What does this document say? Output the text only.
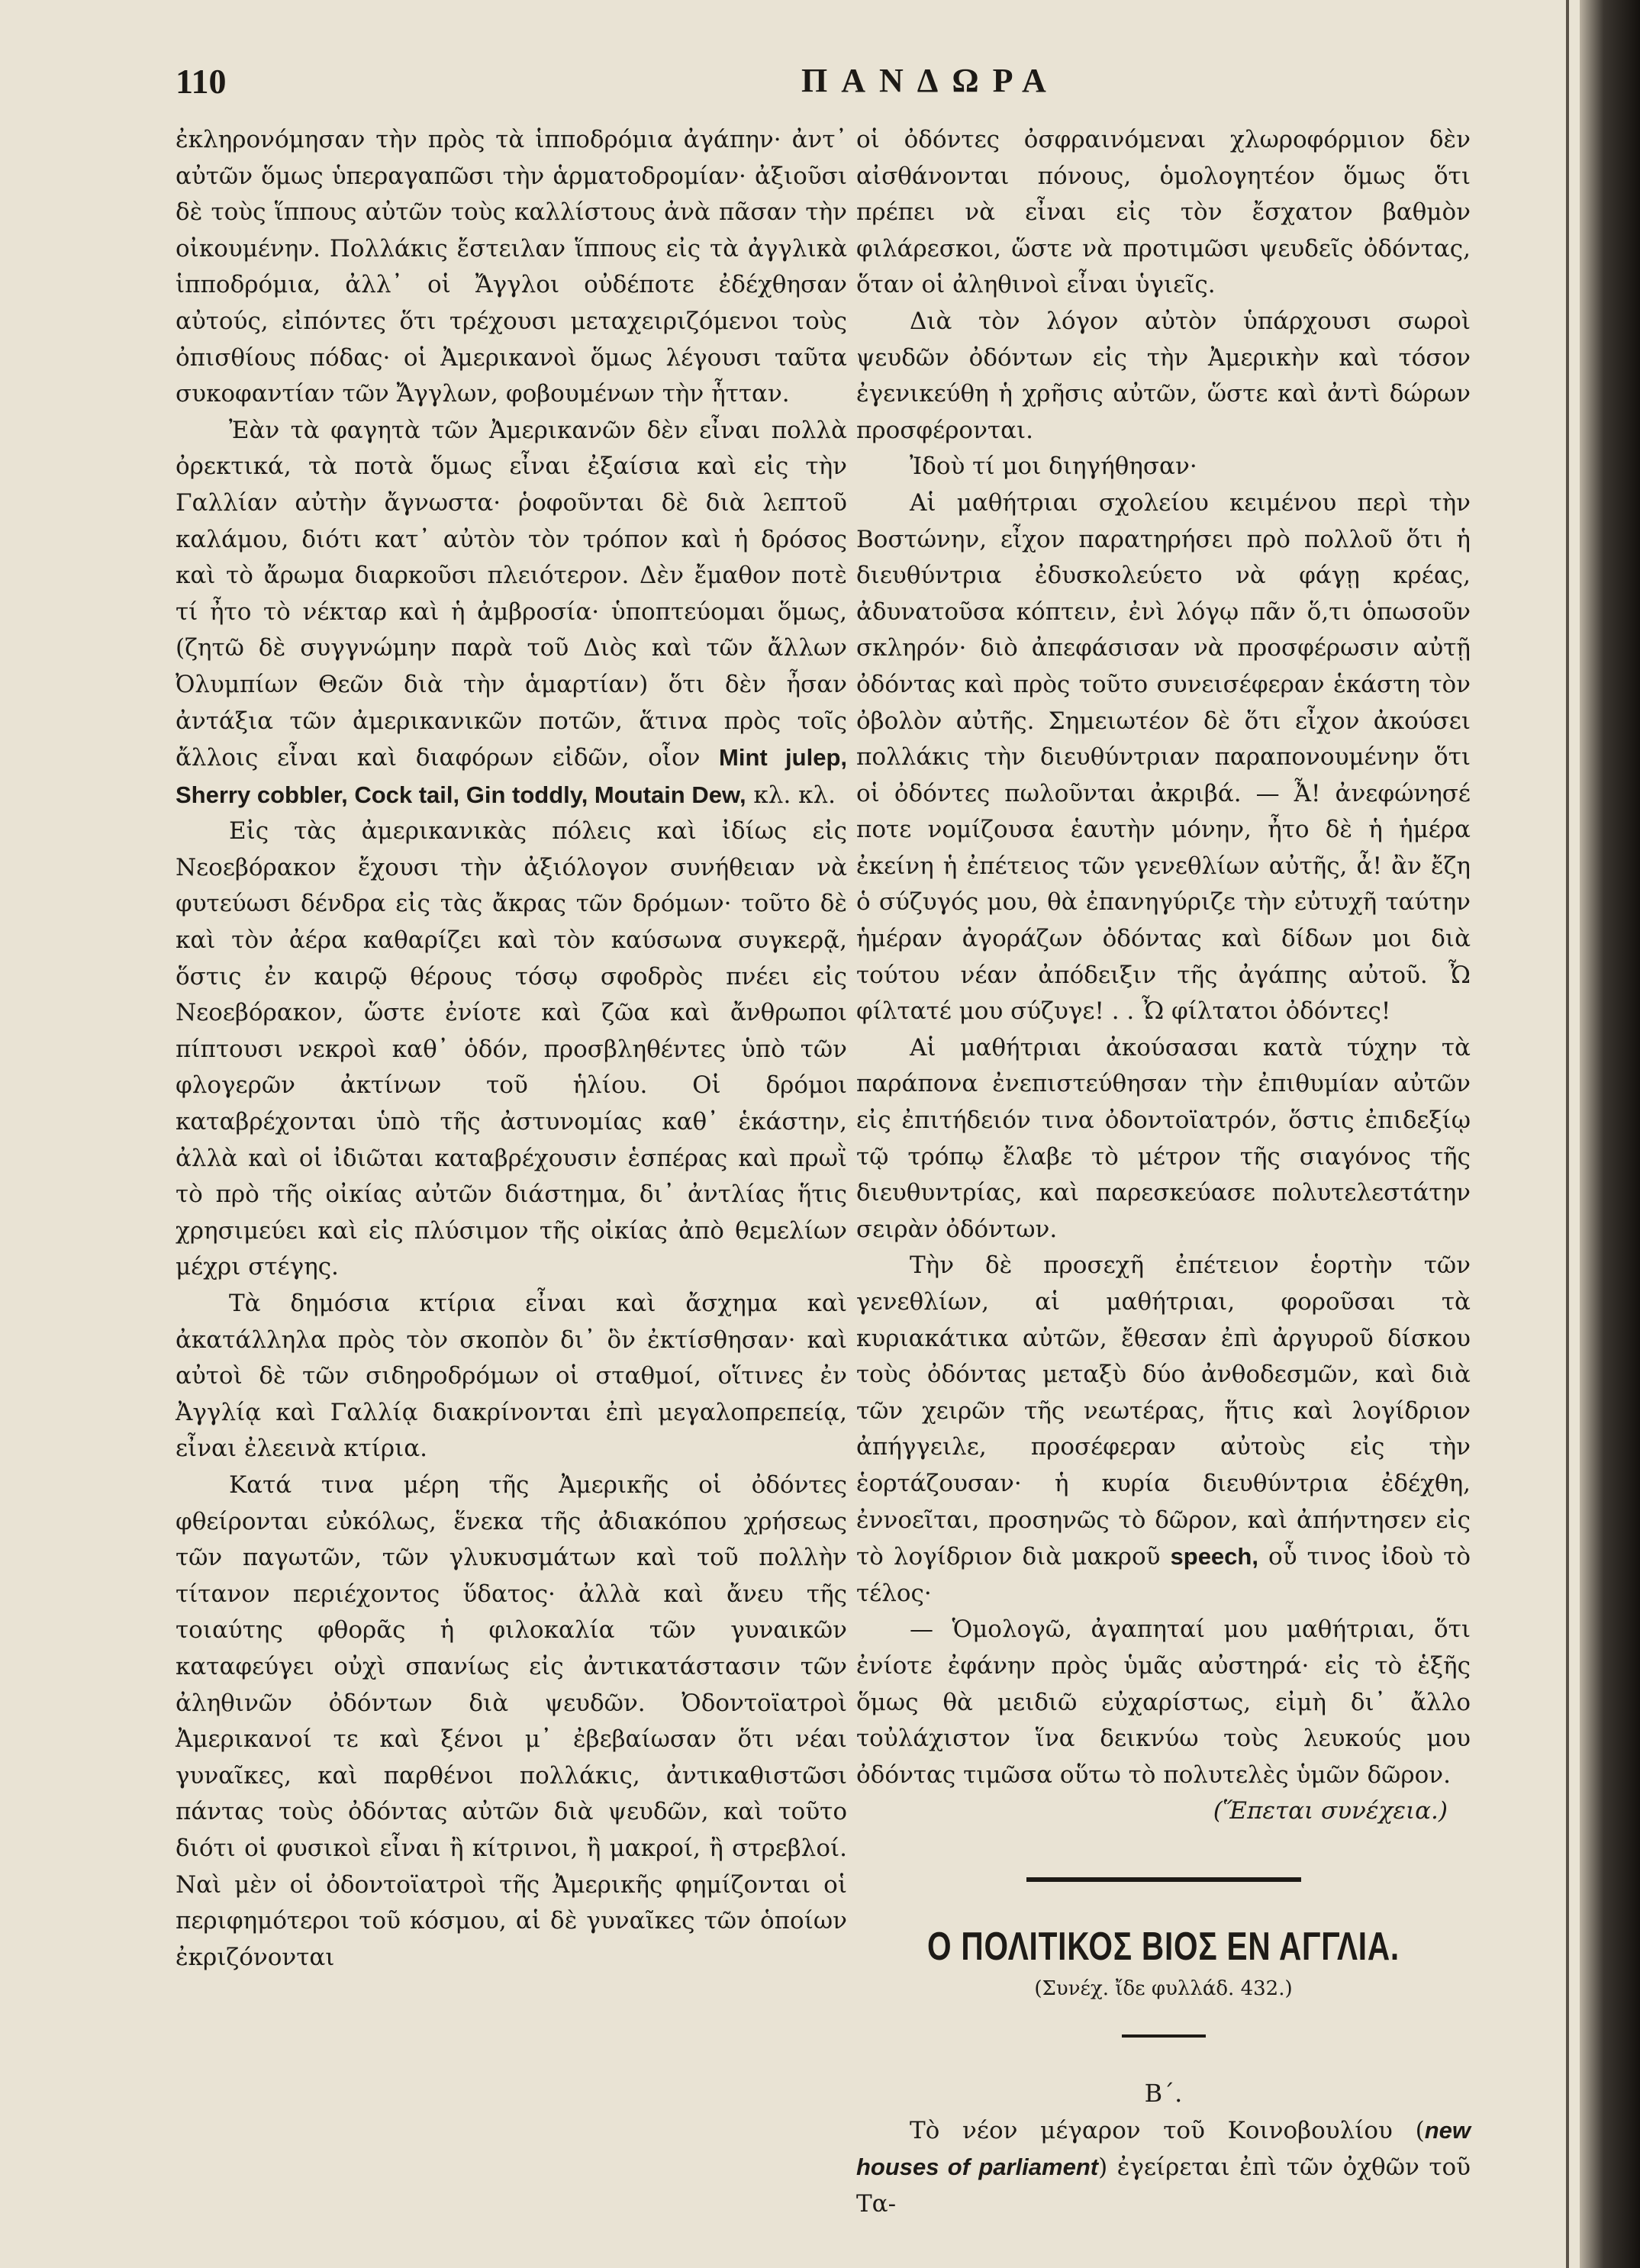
110	ΠΑΝΔΩΡΑ

ἐκληρονόμησαν τὴν πρὸς τὰ ἱπποδρόμια ἀγάπην· ἀντ᾽ αὐτῶν ὅμως ὑπεραγαπῶσι τὴν ἁρματοδρομίαν· ἀξιοῦσι δὲ τοὺς ἵππους αὐτῶν τοὺς καλλίστους ἀνὰ πᾶσαν τὴν οἰκουμένην. Πολλάκις ἔστειλαν ἵππους εἰς τὰ ἀγγλικὰ ἱπποδρόμια, ἀλλ᾽ οἱ Ἄγγλοι οὐδέποτε ἐδέχθησαν αὐτούς, εἰπόντες ὅτι τρέχουσι μεταχειριζόμενοι τοὺς ὀπισθίους πόδας· οἱ Ἀμερικανοὶ ὅμως λέγουσι ταῦτα συκοφαντίαν τῶν Ἄγγλων, φοβουμένων τὴν ἧτταν.

Ἐὰν τὰ φαγητὰ τῶν Ἀμερικανῶν δὲν εἶναι πολλὰ ὀρεκτικά, τὰ ποτὰ ὅμως εἶναι ἐξαίσια καὶ εἰς τὴν Γαλλίαν αὐτὴν ἄγνωστα· ῥοφοῦνται δὲ διὰ λεπτοῦ καλάμου, διότι κατ᾽ αὐτὸν τὸν τρόπον καὶ ἡ δρόσος καὶ τὸ ἄρωμα διαρκοῦσι πλειότερον. Δὲν ἔμαθον ποτὲ τί ἦτο τὸ νέκταρ καὶ ἡ ἀμβροσία· ὑποπτεύομαι ὅμως, (ζητῶ δὲ συγγνώμην παρὰ τοῦ Διὸς καὶ τῶν ἄλλων Ὀλυμπίων Θεῶν διὰ τὴν ἁμαρτίαν) ὅτι δὲν ἦσαν ἀντάξια τῶν ἀμερικανικῶν ποτῶν, ἅτινα πρὸς τοῖς ἄλλοις εἶναι καὶ διαφόρων εἰδῶν, οἷον Mint julep, Sherry cobbler, Cock tail, Gin toddly, Moutain Dew, κλ. κλ.

Εἰς τὰς ἀμερικανικὰς πόλεις καὶ ἰδίως εἰς Νεοεβόρακον ἔχουσι τὴν ἀξιόλογον συνήθειαν νὰ φυτεύωσι δένδρα εἰς τὰς ἄκρας τῶν δρόμων· τοῦτο δὲ καὶ τὸν ἀέρα καθαρίζει καὶ τὸν καύσωνα συγκερᾷ, ὅστις ἐν καιρῷ θέρους τόσῳ σφοδρὸς πνέει εἰς Νεοεβόρακον, ὥστε ἐνίοτε καὶ ζῶα καὶ ἄνθρωποι πίπτουσι νεκροὶ καθ᾽ ὁδόν, προσβληθέντες ὑπὸ τῶν φλογερῶν ἀκτίνων τοῦ ἡλίου. Οἱ δρόμοι καταβρέχονται ὑπὸ τῆς ἀστυνομίας καθ᾽ ἑκάστην, ἀλλὰ καὶ οἱ ἰδιῶται καταβρέχουσιν ἑσπέρας καὶ πρωῒ τὸ πρὸ τῆς οἰκίας αὐτῶν διάστημα, δι᾽ ἀντλίας ἥτις χρησιμεύει καὶ εἰς πλύσιμον τῆς οἰκίας ἀπὸ θεμελίων μέχρι στέγης.

Τὰ δημόσια κτίρια εἶναι καὶ ἄσχημα καὶ ἀκατάλληλα πρὸς τὸν σκοπὸν δι᾽ ὃν ἐκτίσθησαν· καὶ αὐτοὶ δὲ τῶν σιδηροδρόμων οἱ σταθμοί, οἵτινες ἐν Ἀγγλίᾳ καὶ Γαλλίᾳ διακρίνονται ἐπὶ μεγαλοπρεπείᾳ, εἶναι ἐλεεινὰ κτίρια.

Κατά τινα μέρη τῆς Ἀμερικῆς οἱ ὀδόντες φθείρονται εὐκόλως, ἕνεκα τῆς ἀδιακόπου χρήσεως τῶν παγωτῶν, τῶν γλυκυσμάτων καὶ τοῦ πολλὴν τίτανον περιέχοντος ὕδατος· ἀλλὰ καὶ ἄνευ τῆς τοιαύτης φθορᾶς ἡ φιλοκαλία τῶν γυναικῶν καταφεύγει οὐχὶ σπανίως εἰς ἀντικατάστασιν τῶν ἀληθινῶν ὀδόντων διὰ ψευδῶν. Ὀδοντοϊατροὶ Ἀμερικανοί τε καὶ ξένοι μ᾽ ἐβεβαίωσαν ὅτι νέαι γυναῖκες, καὶ παρθένοι πολλάκις, ἀντικαθιστῶσι πάντας τοὺς ὀδόντας αὐτῶν διὰ ψευδῶν, καὶ τοῦτο διότι οἱ φυσικοὶ εἶναι ἢ κίτρινοι, ἢ μακροί, ἢ στρεβλοί. Ναὶ μὲν οἱ ὀδοντοϊατροὶ τῆς Ἀμερικῆς φημίζονται οἱ περιφημότεροι τοῦ κόσμου, αἱ δὲ γυναῖκες τῶν ὁποίων ἐκριζόνονται

οἱ ὀδόντες ὀσφραινόμεναι χλωροφόρμιον δὲν αἰσθάνονται πόνους, ὁμολογητέον ὅμως ὅτι πρέπει νὰ εἶναι εἰς τὸν ἔσχατον βαθμὸν φιλάρεσκοι, ὥστε νὰ προτιμῶσι ψευδεῖς ὀδόντας, ὅταν οἱ ἀληθινοὶ εἶναι ὑγιεῖς.

Διὰ τὸν λόγον αὐτὸν ὑπάρχουσι σωροὶ ψευδῶν ὀδόντων εἰς τὴν Ἀμερικὴν καὶ τόσον ἐγενικεύθη ἡ χρῆσις αὐτῶν, ὥστε καὶ ἀντὶ δώρων προσφέρονται.

Ἰδοὺ τί μοι διηγήθησαν·

Αἱ μαθήτριαι σχολείου κειμένου περὶ τὴν Βοστώνην, εἶχον παρατηρήσει πρὸ πολλοῦ ὅτι ἡ διευθύντρια ἐδυσκολεύετο νὰ φάγῃ κρέας, ἀδυνατοῦσα κόπτειν, ἐνὶ λόγῳ πᾶν ὅ,τι ὁπωσοῦν σκληρόν· διὸ ἀπεφάσισαν νὰ προσφέρωσιν αὐτῇ ὀδόντας καὶ πρὸς τοῦτο συνεισέφεραν ἑκάστη τὸν ὀβολὸν αὐτῆς. Σημειωτέον δὲ ὅτι εἶχον ἀκούσει πολλάκις τὴν διευθύντριαν παραπονουμένην ὅτι οἱ ὀδόντες πωλοῦνται ἀκριβά. — Ἆ! ἀνεφώνησέ ποτε νομίζουσα ἑαυτὴν μόνην, ἦτο δὲ ἡ ἡμέρα ἐκείνη ἡ ἐπέτειος τῶν γενεθλίων αὐτῆς, ἆ! ἂν ἔζη ὁ σύζυγός μου, θὰ ἐπανηγύριζε τὴν εὐτυχῆ ταύτην ἡμέραν ἀγοράζων ὀδόντας καὶ δίδων μοι διὰ τούτου νέαν ἀπόδειξιν τῆς ἀγάπης αὐτοῦ. Ὦ φίλτατέ μου σύζυγε! . . Ὦ φίλτατοι ὀδόντες!

Αἱ μαθήτριαι ἀκούσασαι κατὰ τύχην τὰ παράπονα ἐνεπιστεύθησαν τὴν ἐπιθυμίαν αὐτῶν εἰς ἐπιτήδειόν τινα ὀδοντοϊατρόν, ὅστις ἐπιδεξίῳ τῷ τρόπῳ ἔλαβε τὸ μέτρον τῆς σιαγόνος τῆς διευθυντρίας, καὶ παρεσκεύασε πολυτελεστάτην σειρὰν ὀδόντων.

Τὴν δὲ προσεχῆ ἐπέτειον ἑορτὴν τῶν γενεθλίων, αἱ μαθήτριαι, φοροῦσαι τὰ κυριακάτικα αὐτῶν, ἔθεσαν ἐπὶ ἀργυροῦ δίσκου τοὺς ὀδόντας μεταξὺ δύο ἀνθοδεσμῶν, καὶ διὰ τῶν χειρῶν τῆς νεωτέρας, ἥτις καὶ λογίδριον ἀπήγγειλε, προσέφεραν αὐτοὺς εἰς τὴν ἑορτάζουσαν· ἡ κυρία διευθύντρια ἐδέχθη, ἐννοεῖται, προσηνῶς τὸ δῶρον, καὶ ἀπήντησεν εἰς τὸ λογίδριον διὰ μακροῦ speech, οὗ τινος ἰδοὺ τὸ τέλος·

— Ὁμολογῶ, ἀγαπηταί μου μαθήτριαι, ὅτι ἐνίοτε ἐφάνην πρὸς ὑμᾶς αὐστηρά· εἰς τὸ ἑξῆς ὅμως θὰ μειδιῶ εὐχαρίστως, εἰμὴ δι᾽ ἄλλο τοὐλάχιστον ἵνα δεικνύω τοὺς λευκούς μου ὀδόντας τιμῶσα οὕτω τὸ πολυτελὲς ὑμῶν δῶρον.

(Ἕπεται συνέχεια.)

Ο ΠΟΛΙΤΙΚΟΣ ΒΙΟΣ ΕΝ ΑΓΓΛΙΑ.

(Συνέχ. ἴδε φυλλάδ. 432.)

Β΄.

Τὸ νέον μέγαρον τοῦ Κοινοβουλίου (new houses of parliament) ἐγείρεται ἐπὶ τῶν ὀχθῶν τοῦ Τα-
